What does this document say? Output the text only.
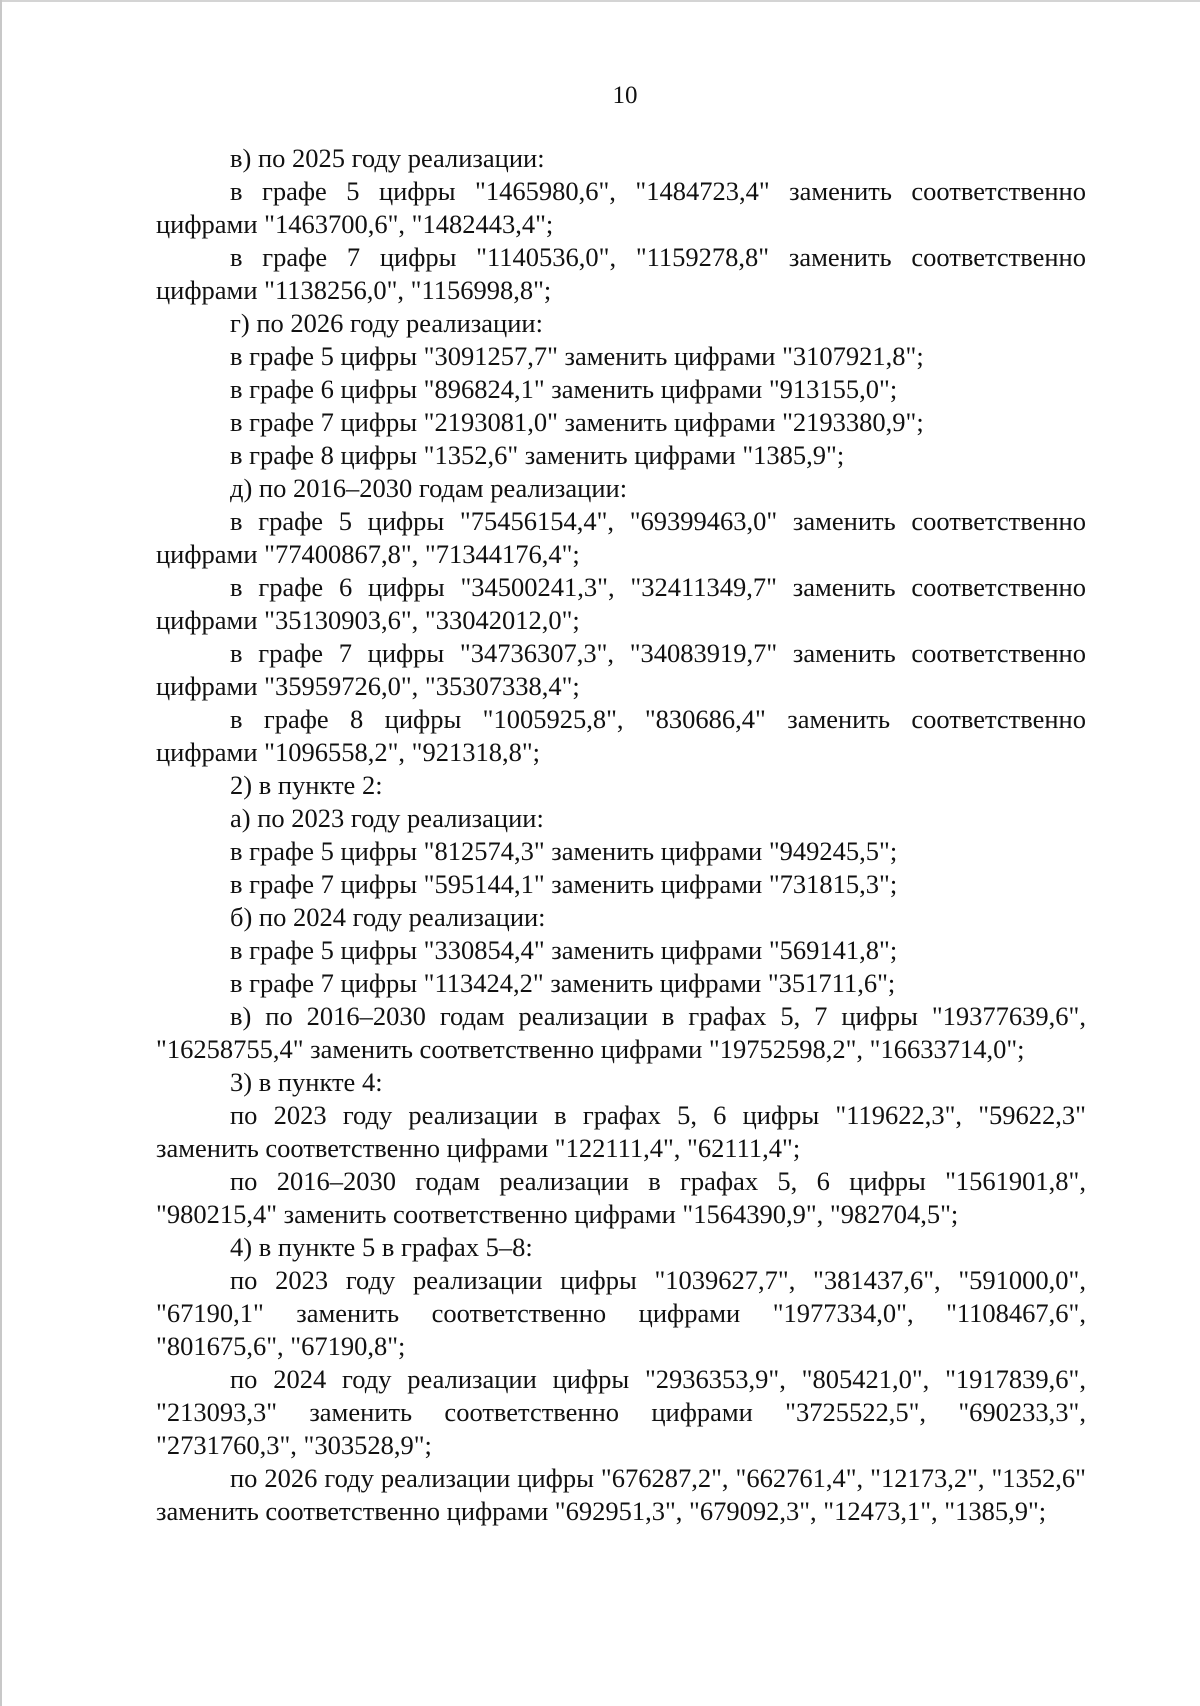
10

в) по 2025 году реализации:

в графе 5 цифры "1465980,6", "1484723,4" заменить соответственно цифрами "1463700,6", "1482443,4";

в графе 7 цифры "1140536,0", "1159278,8" заменить соответственно цифрами "1138256,0", "1156998,8";

г) по 2026 году реализации:

в графе 5 цифры "3091257,7" заменить цифрами "3107921,8";

в графе 6 цифры "896824,1" заменить цифрами "913155,0";

в графе 7 цифры "2193081,0" заменить цифрами "2193380,9";

в графе 8 цифры "1352,6" заменить цифрами "1385,9";

д) по 2016–2030 годам реализации:

в графе 5 цифры "75456154,4", "69399463,0" заменить соответственно цифрами "77400867,8", "71344176,4";

в графе 6 цифры "34500241,3", "32411349,7" заменить соответственно цифрами "35130903,6", "33042012,0";

в графе 7 цифры "34736307,3", "34083919,7" заменить соответственно цифрами "35959726,0", "35307338,4";

в графе 8 цифры "1005925,8", "830686,4" заменить соответственно цифрами "1096558,2", "921318,8";

2) в пункте 2:

а) по 2023 году реализации:

в графе 5 цифры "812574,3" заменить цифрами "949245,5";

в графе 7 цифры "595144,1" заменить цифрами "731815,3";

б) по 2024 году реализации:

в графе 5 цифры "330854,4" заменить цифрами "569141,8";

в графе 7 цифры "113424,2" заменить цифрами "351711,6";

в) по 2016–2030 годам реализации в графах 5, 7 цифры "19377639,6", "16258755,4" заменить соответственно цифрами "19752598,2", "16633714,0";

3) в пункте 4:

по 2023 году реализации в графах 5, 6 цифры "119622,3", "59622,3" заменить соответственно цифрами "122111,4", "62111,4";

по 2016–2030 годам реализации в графах 5, 6 цифры "1561901,8", "980215,4" заменить соответственно цифрами "1564390,9", "982704,5";

4) в пункте 5 в графах 5–8:

по 2023 году реализации цифры "1039627,7", "381437,6", "591000,0", "67190,1" заменить соответственно цифрами "1977334,0", "1108467,6", "801675,6", "67190,8";

по 2024 году реализации цифры "2936353,9", "805421,0", "1917839,6", "213093,3" заменить соответственно цифрами "3725522,5", "690233,3", "2731760,3", "303528,9";

по 2026 году реализации цифры "676287,2", "662761,4", "12173,2", "1352,6" заменить соответственно цифрами "692951,3", "679092,3", "12473,1", "1385,9";
